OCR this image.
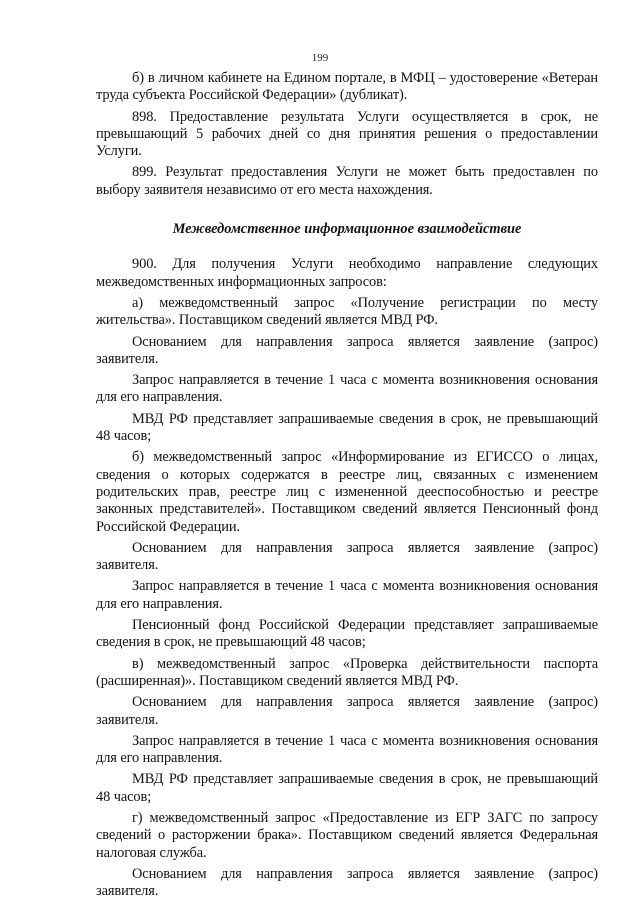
199

б) в личном кабинете на Едином портале, в МФЦ – удостоверение «Ветеран труда субъекта Российской Федерации» (дубликат).

898. Предоставление результата Услуги осуществляется в срок, не превышающий 5 рабочих дней со дня принятия решения о предоставлении Услуги.

899. Результат предоставления Услуги не может быть предоставлен по выбору заявителя независимо от его места нахождения.

Межведомственное информационное взаимодействие

900. Для получения Услуги необходимо направление следующих межведомственных информационных запросов:

а) межведомственный запрос «Получение регистрации по месту жительства». Поставщиком сведений является МВД РФ.

Основанием для направления запроса является заявление (запрос) заявителя.

Запрос направляется в течение 1 часа с момента возникновения основания для его направления.

МВД РФ представляет запрашиваемые сведения в срок, не превышающий 48 часов;

б) межведомственный запрос «Информирование из ЕГИССО о лицах, сведения о которых содержатся в реестре лиц, связанных с изменением родительских прав, реестре лиц с измененной дееспособностью и реестре законных представителей». Поставщиком сведений является Пенсионный фонд Российской Федерации.

Основанием для направления запроса является заявление (запрос) заявителя.

Запрос направляется в течение 1 часа с момента возникновения основания для его направления.

Пенсионный фонд Российской Федерации представляет запрашиваемые сведения в срок, не превышающий 48 часов;

в) межведомственный запрос «Проверка действительности паспорта (расширенная)». Поставщиком сведений является МВД РФ.

Основанием для направления запроса является заявление (запрос) заявителя.

Запрос направляется в течение 1 часа с момента возникновения основания для его направления.

МВД РФ представляет запрашиваемые сведения в срок, не превышающий 48 часов;

г) межведомственный запрос «Предоставление из ЕГР ЗАГС по запросу сведений о расторжении брака». Поставщиком сведений является Федеральная налоговая служба.

Основанием для направления запроса является заявление (запрос) заявителя.
